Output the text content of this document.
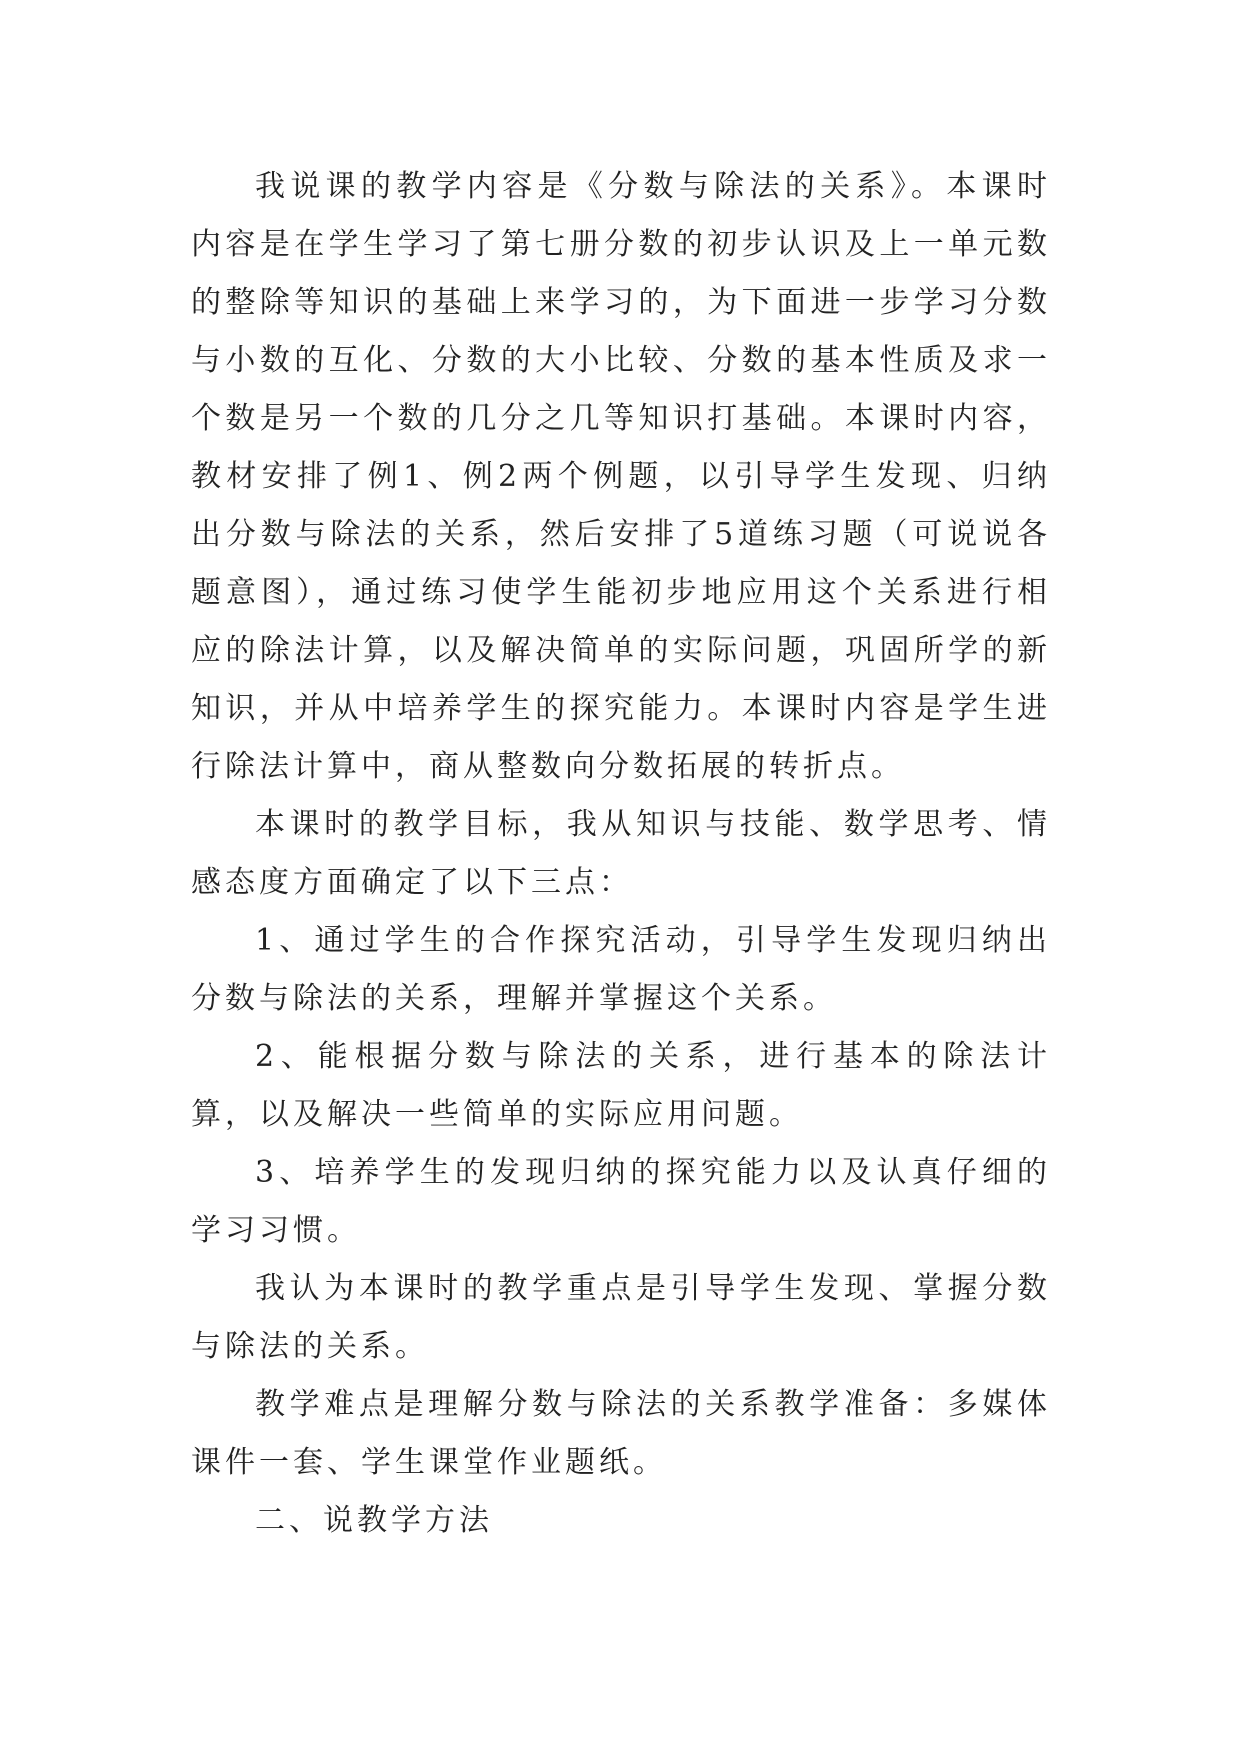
我说课的教学内容是《分数与除法的关系》。本课时内容是在学生学习了第七册分数的初步认识及上一单元数的整除等知识的基础上来学习的，为下面进一步学习分数与小数的互化、分数的大小比较、分数的基本性质及求一个数是另一个数的几分之几等知识打基础。本课时内容，教材安排了例1、例2两个例题，以引导学生发现、归纳出分数与除法的关系，然后安排了5道练习题（可说说各题意图），通过练习使学生能初步地应用这个关系进行相应的除法计算，以及解决简单的实际问题，巩固所学的新知识，并从中培养学生的探究能力。本课时内容是学生进行除法计算中，商从整数向分数拓展的转折点。

本课时的教学目标，我从知识与技能、数学思考、情感态度方面确定了以下三点：

1、通过学生的合作探究活动，引导学生发现归纳出分数与除法的关系，理解并掌握这个关系。

2、能根据分数与除法的关系，进行基本的除法计算，以及解决一些简单的实际应用问题。

3、培养学生的发现归纳的探究能力以及认真仔细的学习习惯。

我认为本课时的教学重点是引导学生发现、掌握分数与除法的关系。

教学难点是理解分数与除法的关系教学准备：多媒体课件一套、学生课堂作业题纸。

二、说教学方法
